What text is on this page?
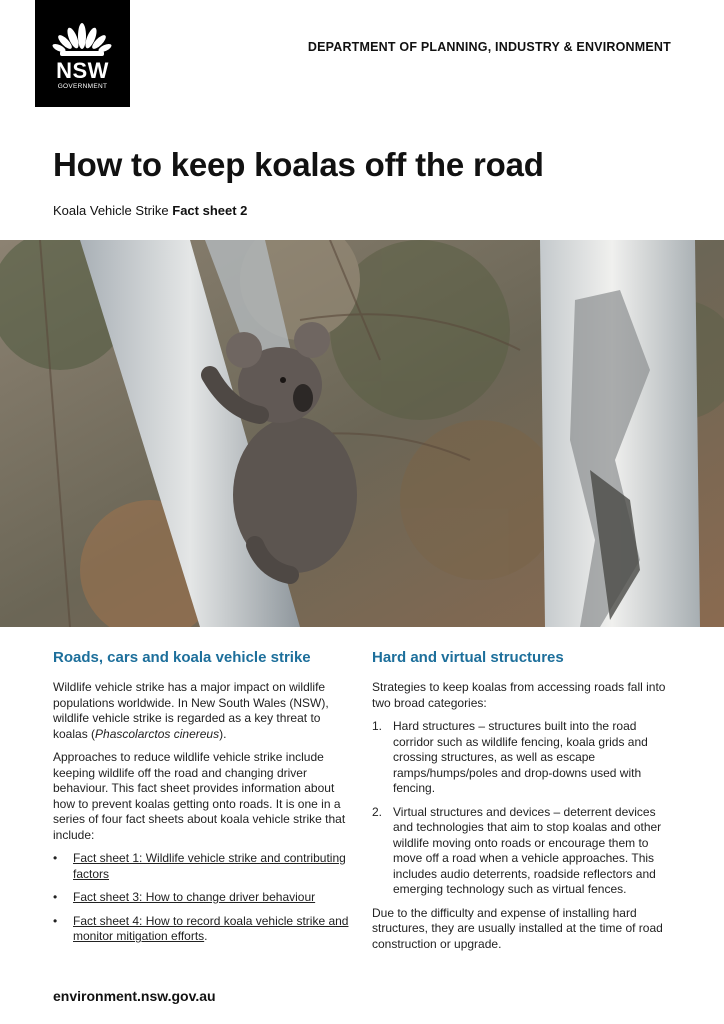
NSW
GOVERNMENT
DEPARTMENT OF PLANNING, INDUSTRY & ENVIRONMENT
How to keep koalas off the road
Koala Vehicle Strike Fact sheet 2
Roads, cars and koala vehicle strike

Wildlife vehicle strike has a major impact on wildlife populations worldwide. In New South Wales (NSW), wildlife vehicle strike is regarded as a key threat to koalas (Phascolarctos cinereus).

Approaches to reduce wildlife vehicle strike include keeping wildlife off the road and changing driver behaviour. This fact sheet provides information about how to prevent koalas getting onto roads. It is one in a series of four fact sheets about koala vehicle strike that include:

• Fact sheet 1: Wildlife vehicle strike and contributing factors
• Fact sheet 3: How to change driver behaviour
• Fact sheet 4: How to record koala vehicle strike and monitor mitigation efforts.
Hard and virtual structures

Strategies to keep koalas from accessing roads fall into two broad categories:

1. Hard structures – structures built into the road corridor such as wildlife fencing, koala grids and crossing structures, as well as escape ramps/humps/poles and drop-downs used with fencing.
2. Virtual structures and devices – deterrent devices and technologies that aim to stop koalas and other wildlife moving onto roads or encourage them to move off a road when a vehicle approaches. This includes audio deterrents, roadside reflectors and emerging technology such as virtual fences.

Due to the difficulty and expense of installing hard structures, they are usually installed at the time of road construction or upgrade.

environment.nsw.gov.au
